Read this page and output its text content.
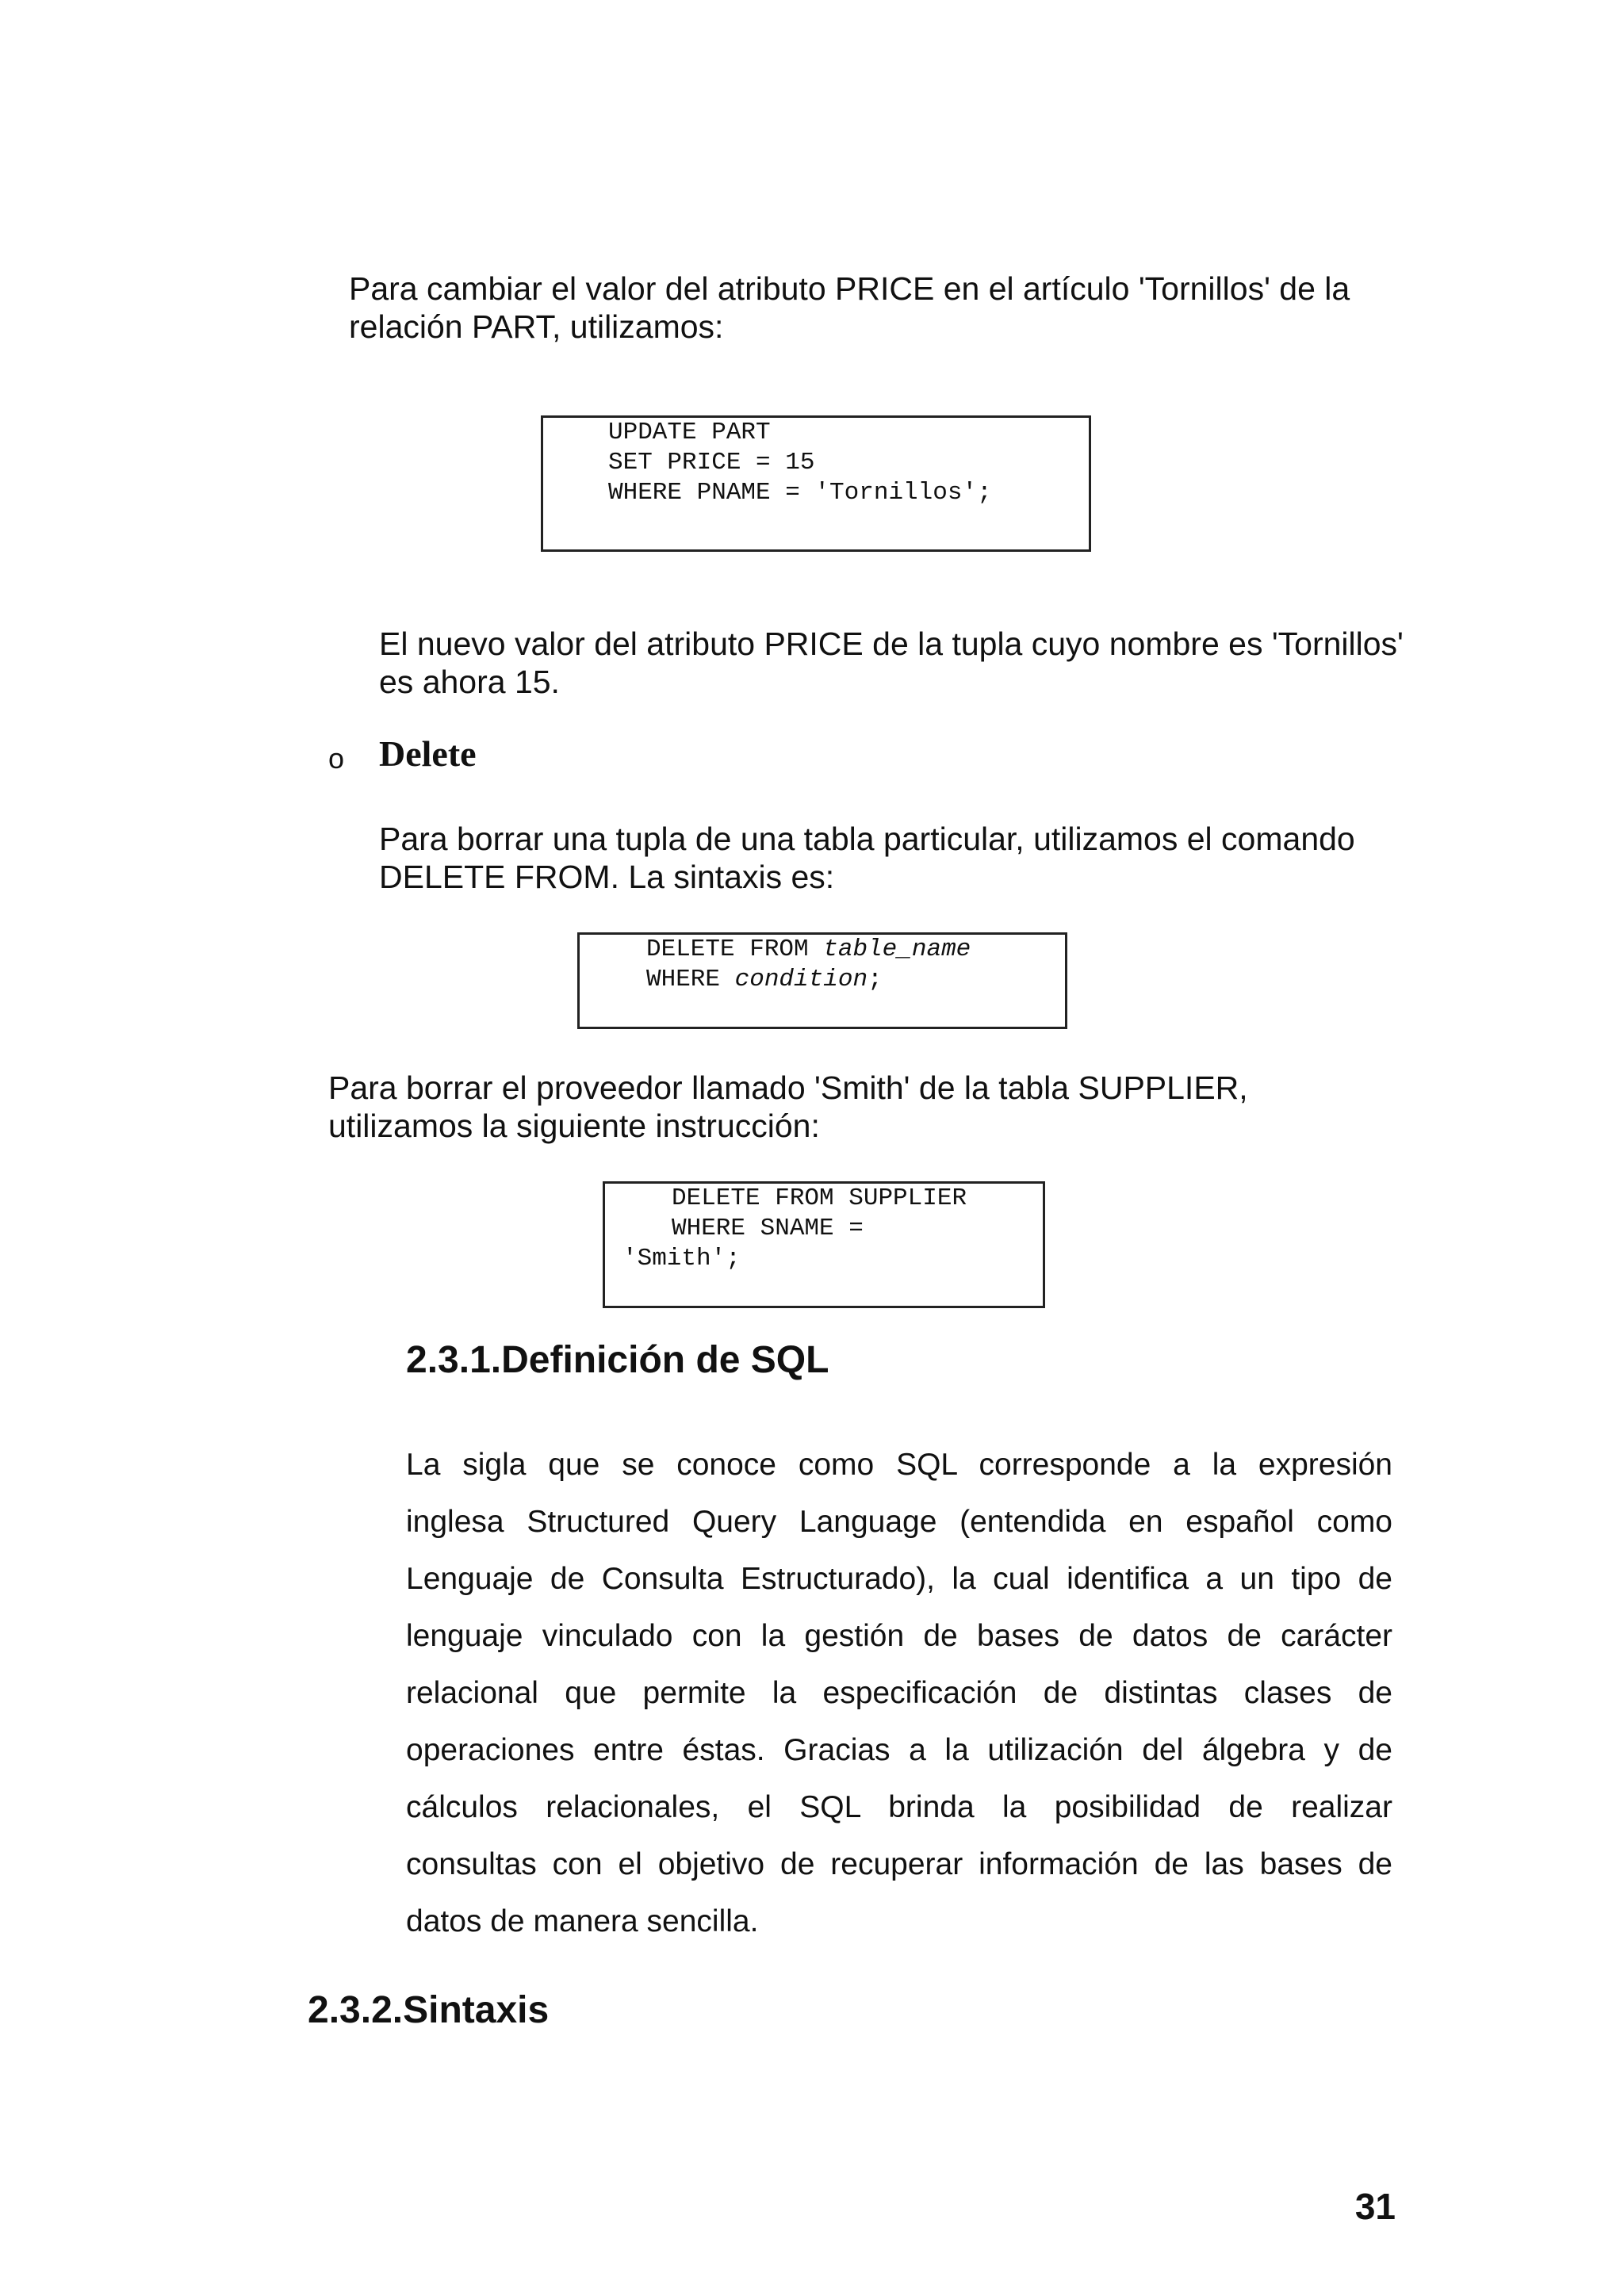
Para cambiar el valor del atributo PRICE en el artículo 'Tornillos' de la

relación PART, utilizamos:

UPDATE PART
SET PRICE = 15
WHERE PNAME = 'Tornillos';

El nuevo valor del atributo PRICE de la tupla cuyo nombre es 'Tornillos'

es ahora 15.

o Delete

Para borrar una tupla de una tabla particular, utilizamos el comando

DELETE FROM. La sintaxis es:

DELETE FROM table_name
WHERE condition;

Para borrar el proveedor llamado 'Smith' de la tabla SUPPLIER,

utilizamos la siguiente instrucción:

DELETE FROM SUPPLIER
WHERE SNAME =
'Smith';
2.3.1.Definición de SQL
La sigla que se conoce como SQL corresponde a la expresión
inglesa Structured Query Language (entendida en español como
Lenguaje de Consulta Estructurado), la cual identifica a un tipo de
lenguaje vinculado con la gestión de bases de datos de carácter
relacional que permite la especificación de distintas clases de
operaciones entre éstas. Gracias a la utilización del álgebra y de
cálculos relacionales, el SQL brinda la posibilidad de realizar
consultas con el objetivo de recuperar información de las bases de
datos de manera sencilla.
2.3.2.Sintaxis
31
